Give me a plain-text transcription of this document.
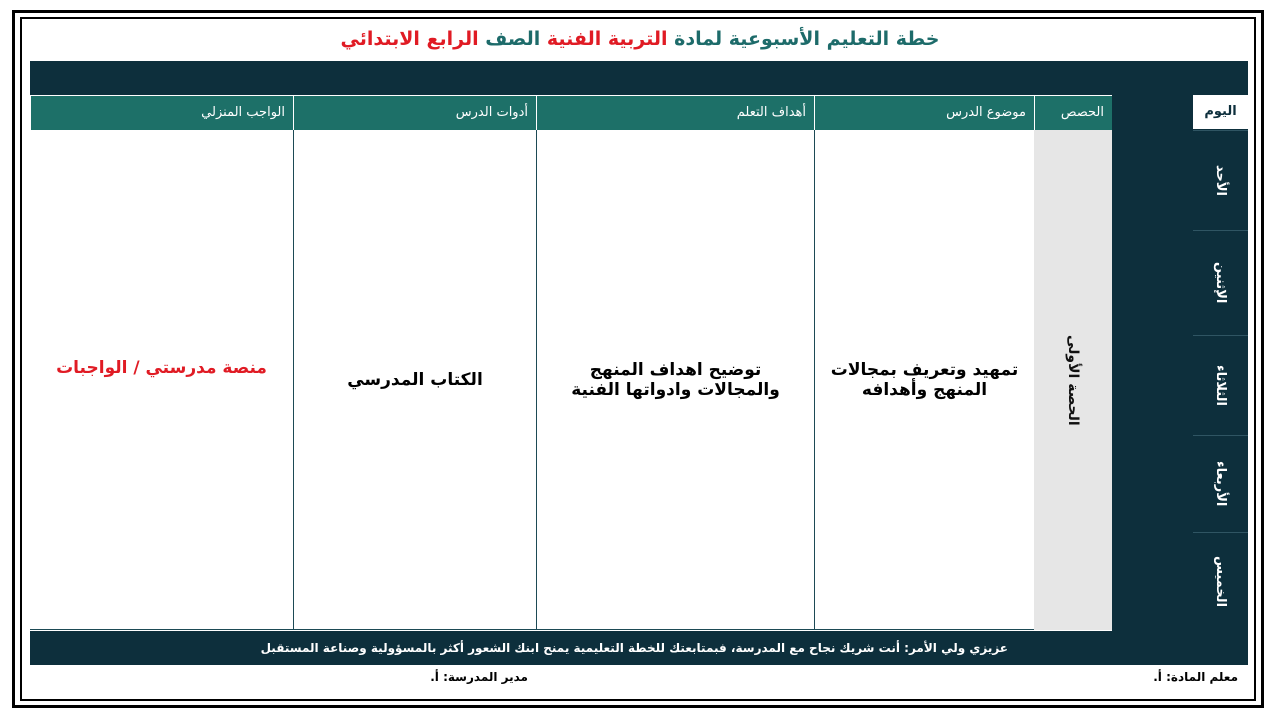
خطة التعليم الأسبوعية لمادة التربية الفنية الصف الرابع الابتدائي
اليوم
الأحد
الإثنين
الثلاثاء
الأربعاء
الخميس
الحصص
موضوع الدرس
أهداف التعلم
أدوات الدرس
الواجب المنزلي
الحصة الأولى
تمهيد وتعريف بمجالات المنهج وأهدافه
توضيح اهداف المنهج والمجالات وادواتها الفنية
الكتاب المدرسي
منصة مدرستي / الواجبات
عزيزي ولي الأمر: أنت شريك نجاح مع المدرسة، فبمتابعتك للخطة التعليمية يمنح ابنك الشعور أكثر بالمسؤولية وصناعة المستقبل
معلم المادة: أ.
مدير المدرسة: أ.
